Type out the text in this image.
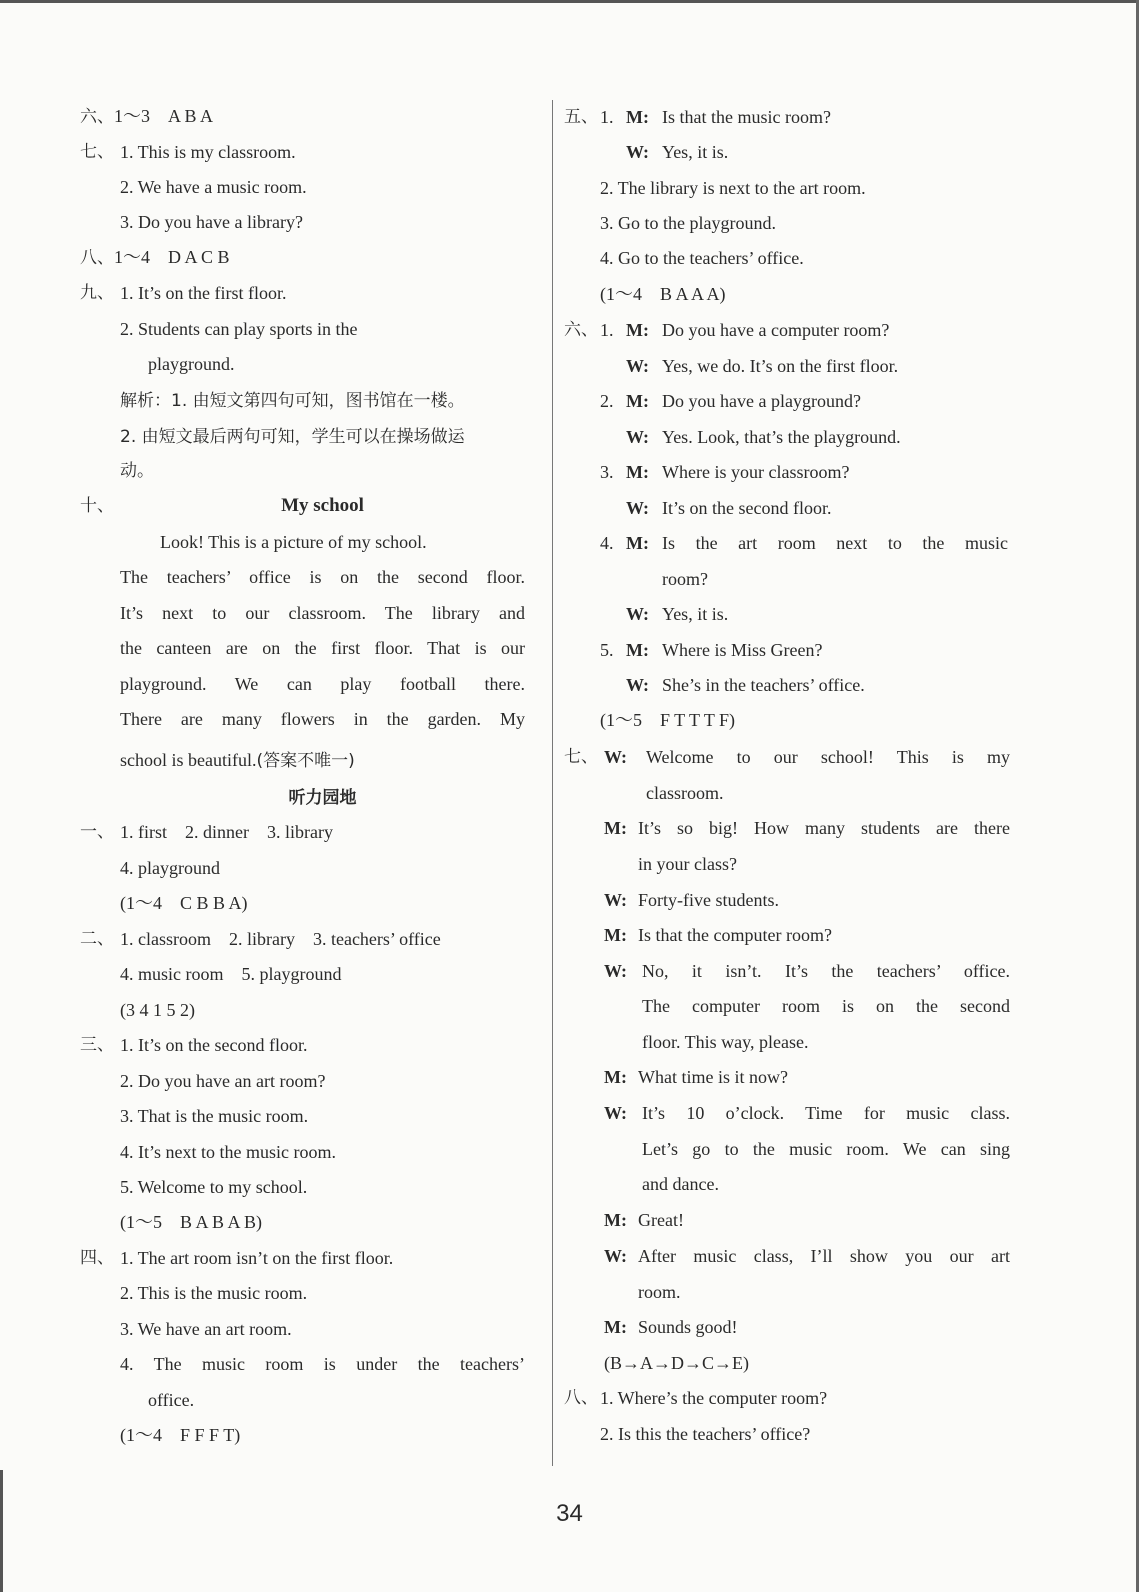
六、1～3　A B A
七、 1. This is my classroom.
2. We have a music room.
3. Do you have a library?
八、1～4　D A C B
九、 1. It’s on the first floor.
2. Students can play sports in the
playground.
解析：1. 由短文第四句可知，图书馆在一楼。
2. 由短文最后两句可知，学生可以在操场做运
动。
十、	My school
Look! This is a picture of my school.
The teachers’ office is on the second floor.
It’s next to our classroom. The library and
the canteen are on the first floor. That is our
playground. We can play football there.
There are many flowers in the garden. My
school is beautiful.(答案不唯一)
听力园地
一、 1. first　2. dinner　3. library
4. playground
(1～4　C B B A)
二、 1. classroom　2. library　3. teachers’ office
4. music room　5. playground
(3 4 1 5 2)
三、 1. It’s on the second floor.
2. Do you have an art room?
3. That is the music room.
4. It’s next to the music room.
5. Welcome to my school.
(1～5　B A B A B)
四、 1. The art room isn’t on the first floor.
2. This is the music room.
3. We have an art room.
4. The music room is under the teachers’
office.
(1～4　F F F T)
五、 1. M: Is that the music room?
W: Yes, it is.
2. The library is next to the art room.
3. Go to the playground.
4. Go to the teachers’ office.
(1～4　B A A A)
六、 1. M: Do you have a computer room?
W: Yes, we do. It’s on the first floor.
2. M: Do you have a playground?
W: Yes. Look, that’s the playground.
3. M: Where is your classroom?
W: It’s on the second floor.
4. M: Is the art room next to the music
room?
W: Yes, it is.
5. M: Where is Miss Green?
W: She’s in the teachers’ office.
(1～5　F T T T F)
七、 W: Welcome to our school! This is my
classroom.
M: It’s so big! How many students are there
in your class?
W: Forty-five students.
M: Is that the computer room?
W: No, it isn’t. It’s the teachers’ office.
The computer room is on the second
floor. This way, please.
M: What time is it now?
W: It’s 10 o’clock. Time for music class.
Let’s go to the music room. We can sing
and dance.
M: Great!
W: After music class, I’ll show you our art
room.
M: Sounds good!
(B→A→D→C→E)
八、 1. Where’s the computer room?
2. Is this the teachers’ office?
34
